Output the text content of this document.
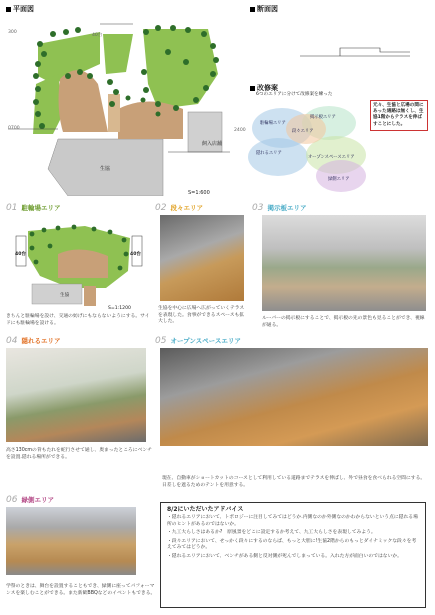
平面図
300
40台
0700	2400
飼入店舗
生協
S=1:600
断面図
改修案
6つのエリアに分けて改修案を練った
駐輪場エリア
掲示板エリア
段々エリア
隠れるエリア
オープンスペースエリア
緑側エリア
元々、生協と広場の間にあった通路は無くし、生協1階からテラスを伸ばすことにした。
01 駐輪場エリア
40台	40台
生協
S=1:1200
きちんと駐輪場を設け、交通の妨げにもならないようにする。サイドにも駐輪場を設ける。
02 段々エリア
生協を中心に広場へ広がっていくテラスを表現した。食事ができるスペースも拡大した。
03 掲示板エリア
ルーバーの掲示板にすることで、掲示板の先の景色も見ることができ、視線が通る。
04 隠れるエリア
高さ130cmの背もたれを蛇行させて通し、奥まったところにベンチを設置.隠れる場所ができる。
05 オープンスペースエリア
現在、自動車がショートカットのコースとして利用している道路までテラスを伸ばし、外で昼食を食べられる空間にする。日差しを遮るためのテントを用意する。
06 緑側エリア
学祭のときは、舞台を設置することもでき、緑側に座ってパフォーマンスを楽しむことができる。また新歓BBQなどのイベントもできる。
8/2にいただいたアドバイス
・隠れるエリアにおいて、トポロジーに注目してみてはどうか.内側なのか外側なのかわからないという点に隠れる場所のヒントがあるのではないか。
・九工大らしさはあるか?　原風景をどこに設定するか考えて、九工大らしさを表現してみよう。
・段々エリアにおいて、せっかく段々にするのならば、もっと大胆に!生協2階からのもっとダイナミックな段々を考えてみてはどうか。
・隠れるエリアにおいて、ベンチがある側と反対側が死んでしまっている。入れた方が面白いのではないか。
